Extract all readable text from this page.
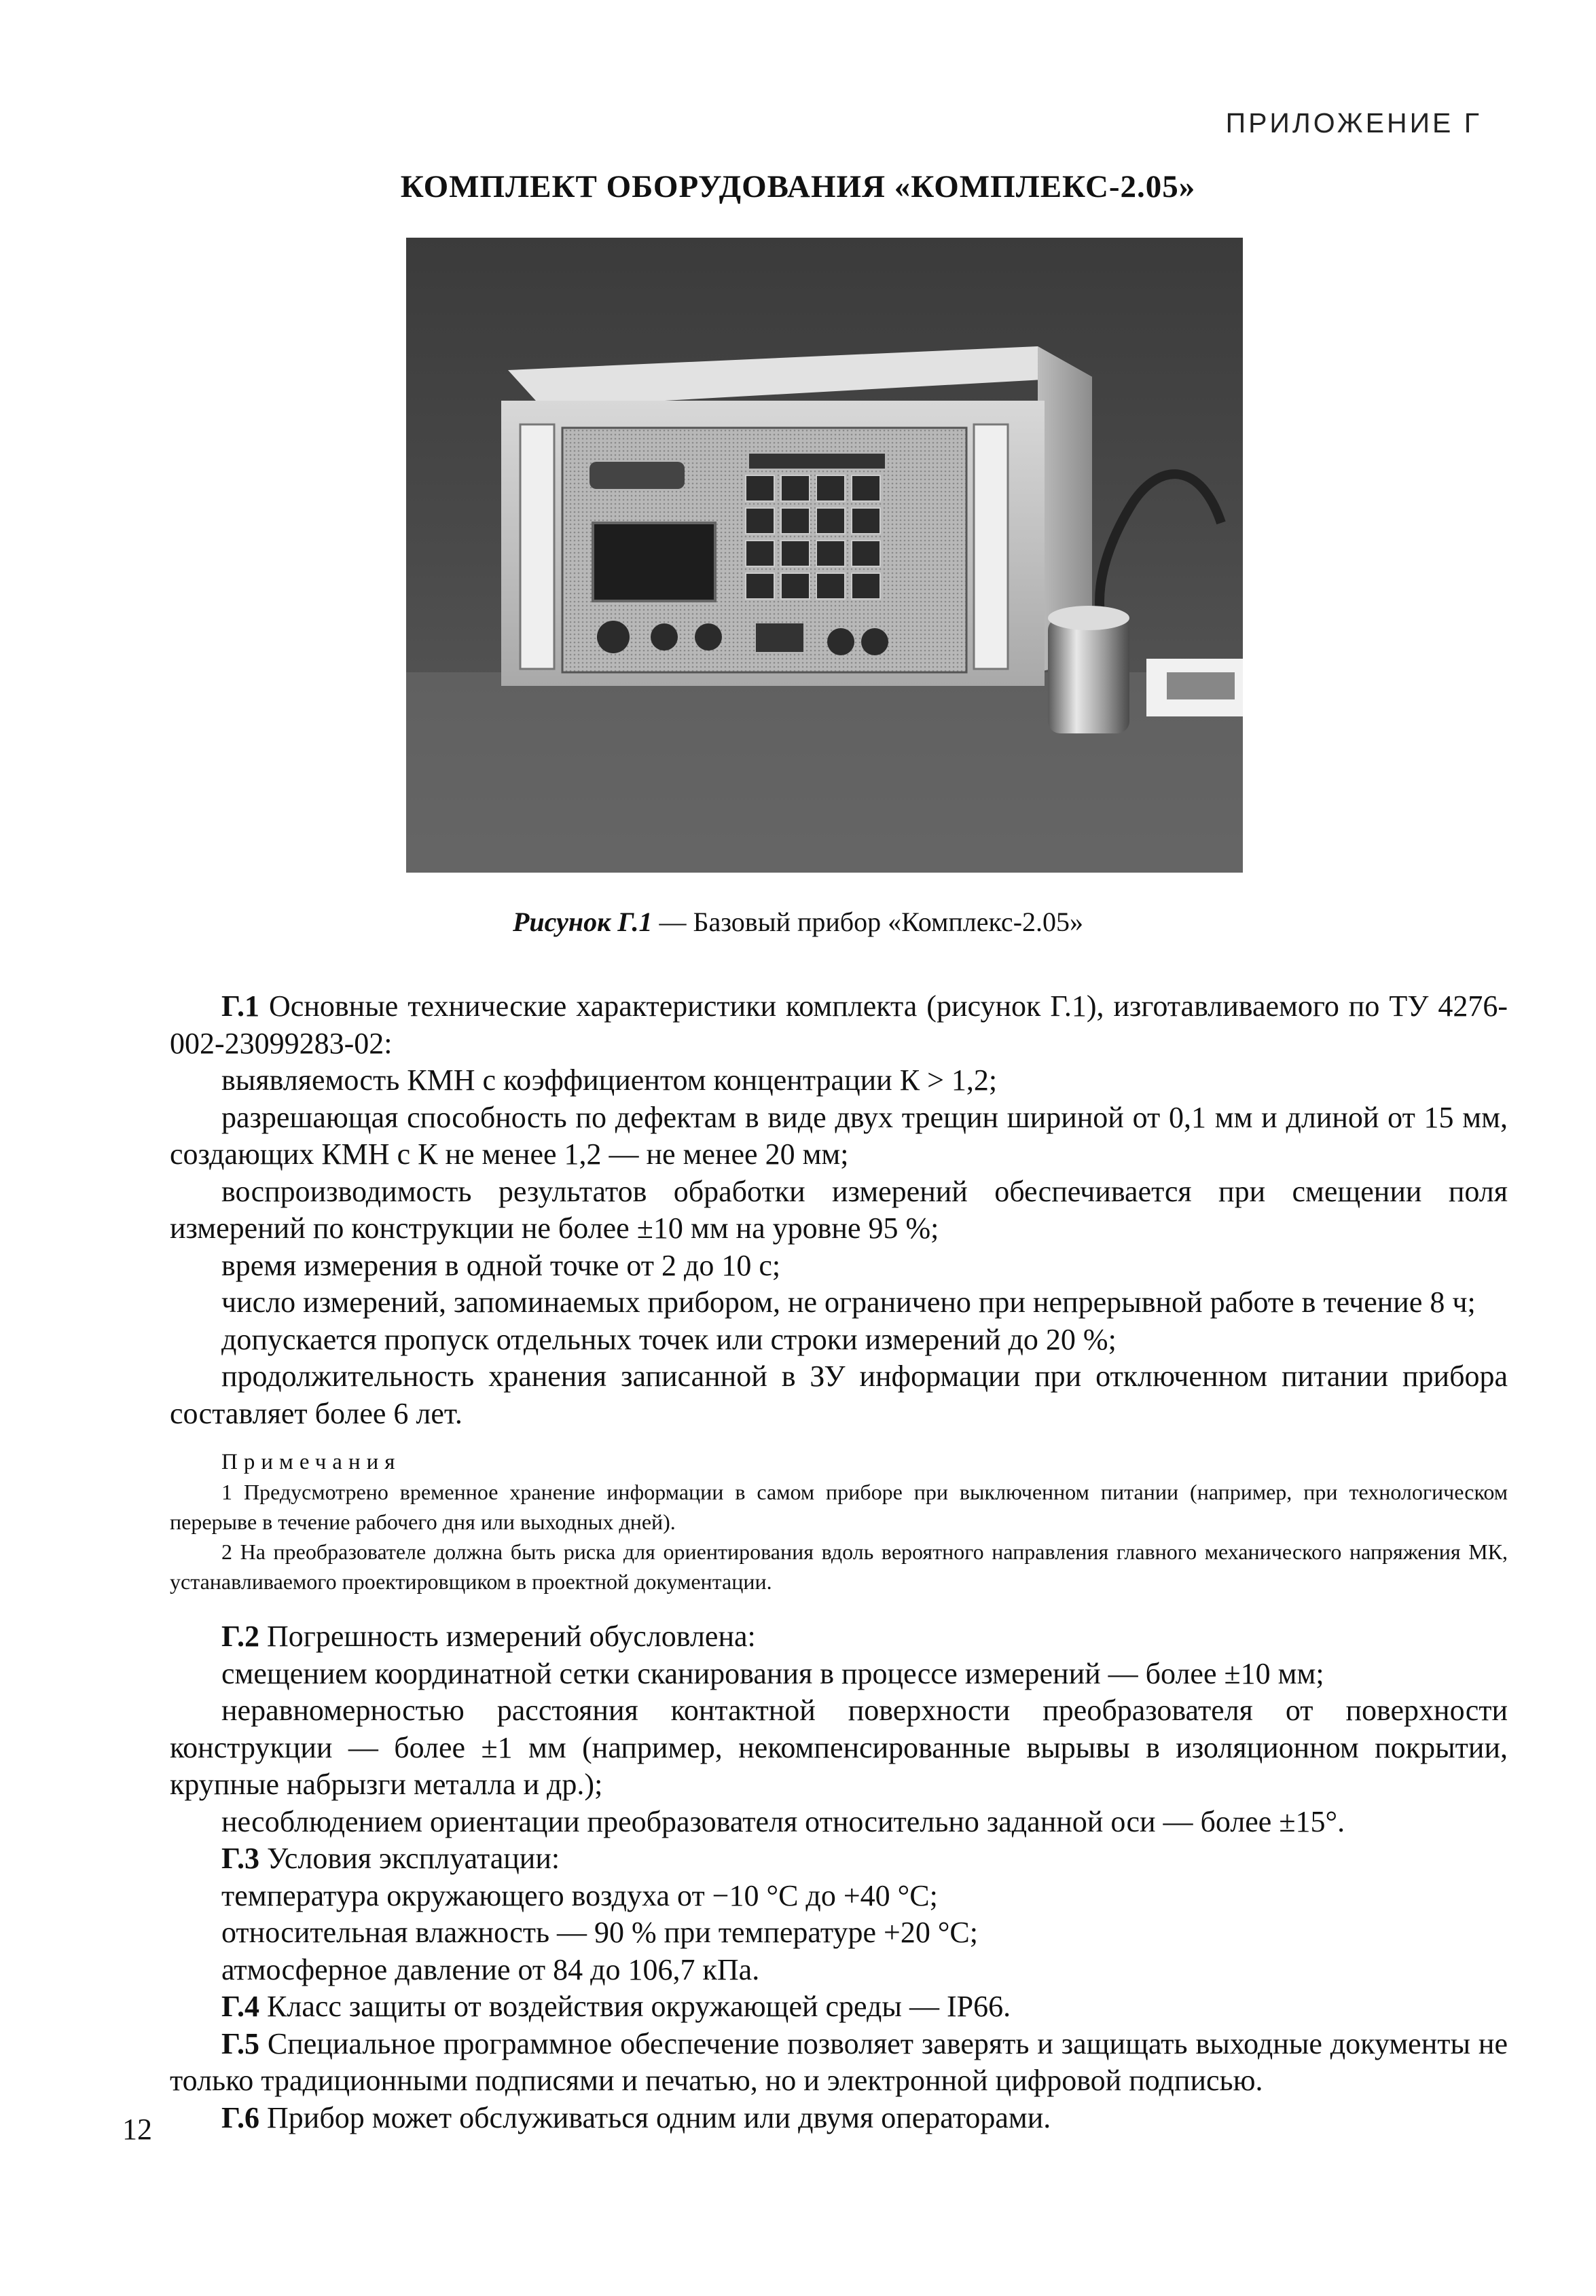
ПРИЛОЖЕНИЕ Г
КОМПЛЕКТ ОБОРУДОВАНИЯ «КОМПЛЕКС-2.05»
Рисунок Г.1 — Базовый прибор «Комплекс-2.05»

Г.1 Основные технические характеристики комплекта (рисунок Г.1), изготавливаемого по ТУ 4276-002-23099283-02:

выявляемость КМН с коэффициентом концентрации К > 1,2;

разрешающая способность по дефектам в виде двух трещин шириной от 0,1 мм и длиной от 15 мм, создающих КМН с К не менее 1,2 — не менее 20 мм;

воспроизводимость результатов обработки измерений обеспечивается при смещении поля измерений по конструкции не более ±10 мм на уровне 95 %;

время измерения в одной точке от 2 до 10 с;

число измерений, запоминаемых прибором, не ограничено при непрерывной работе в течение 8 ч;

допускается пропуск отдельных точек или строки измерений до 20 %;

продолжительность хранения записанной в ЗУ информации при отключенном питании прибора составляет более 6 лет.

Примечания

1 Предусмотрено временное хранение информации в самом приборе при выключенном питании (например, при технологическом перерыве в течение рабочего дня или выходных дней).

2 На преобразователе должна быть риска для ориентирования вдоль вероятного направления главного механического напряжения МК, устанавливаемого проектировщиком в проектной документации.

Г.2 Погрешность измерений обусловлена:

смещением координатной сетки сканирования в процессе измерений — более ±10 мм;

неравномерностью расстояния контактной поверхности преобразователя от поверхности конструкции — более ±1 мм (например, некомпенсированные вырывы в изоляционном покрытии, крупные набрызги металла и др.);

несоблюдением ориентации преобразователя относительно заданной оси — более ±15°.

Г.3 Условия эксплуатации:

температура окружающего воздуха от −10 °С до +40 °С;

относительная влажность — 90 % при температуре +20 °С;

атмосферное давление от 84 до 106,7 кПа.

Г.4 Класс защиты от воздействия окружающей среды — IP66.

Г.5 Специальное программное обеспечение позволяет заверять и защищать выходные документы не только традиционными подписями и печатью, но и электронной цифровой подписью.

Г.6 Прибор может обслуживаться одним или двумя операторами.

12
